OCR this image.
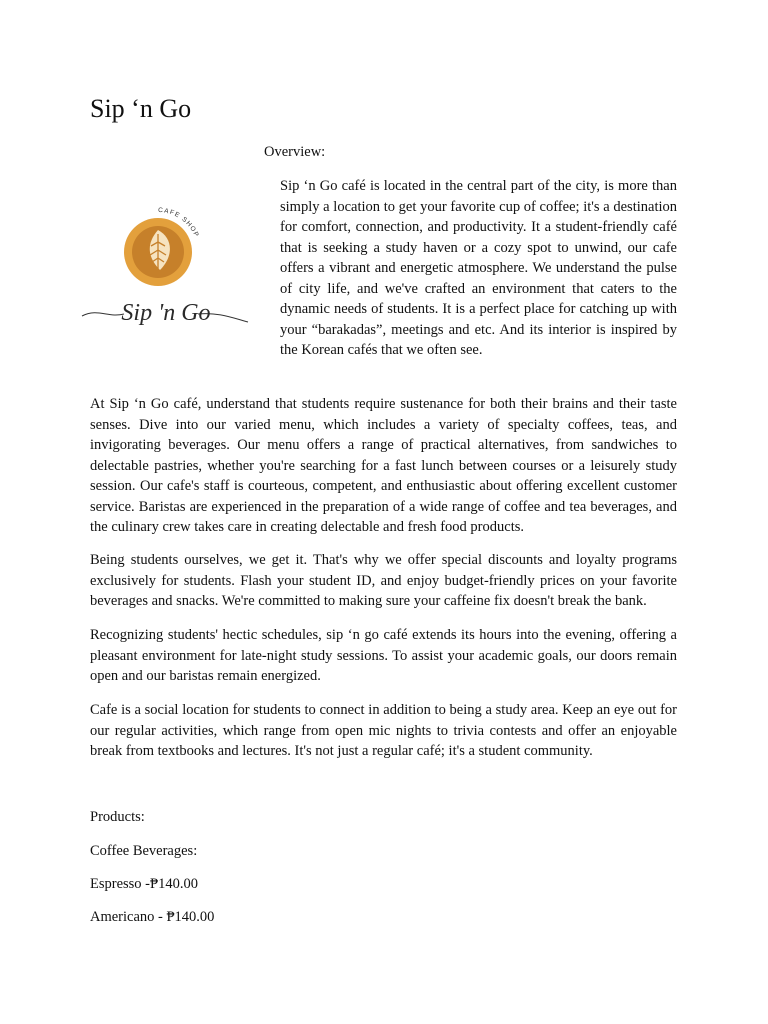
Sip ‘n Go
CAFE SHOP
Sip 'n Go
Overview:

Sip ‘n Go café is located in the central part of the city, is more than simply a location to get your favorite cup of coffee; it's a destination for comfort, connection, and productivity. It a student-friendly café that is seeking a study haven or a cozy spot to unwind, our cafe offers a vibrant and energetic atmosphere. We understand the pulse of city life, and we've crafted an environment that caters to the dynamic needs of students. It is a perfect place for catching up with your “barakadas”, meetings and etc. And its interior is inspired by the Korean cafés that we often see.

At Sip ‘n Go café, understand that students require sustenance for both their brains and their taste senses. Dive into our varied menu, which includes a variety of specialty coffees, teas, and invigorating beverages. Our menu offers a range of practical alternatives, from sandwiches to delectable pastries, whether you're searching for a fast lunch between courses or a leisurely study session. Our cafe's staff is courteous, competent, and enthusiastic about offering excellent customer service. Baristas are experienced in the preparation of a wide range of coffee and tea beverages, and the culinary crew takes care in creating delectable and fresh food products.

Being students ourselves, we get it. That's why we offer special discounts and loyalty programs exclusively for students. Flash your student ID, and enjoy budget-friendly prices on your favorite beverages and snacks. We're committed to making sure your caffeine fix doesn't break the bank.

Recognizing students' hectic schedules, sip ‘n go café extends its hours into the evening, offering a pleasant environment for late-night study sessions. To assist your academic goals, our doors remain open and our baristas remain energized.

Cafe is a social location for students to connect in addition to being a study area. Keep an eye out for our regular activities, which range from open mic nights to trivia contests and offer an enjoyable break from textbooks and lectures. It's not just a regular café; it's a student community.

Products:
Coffee Beverages:
Espresso -₱140.00
Americano - ₱140.00
